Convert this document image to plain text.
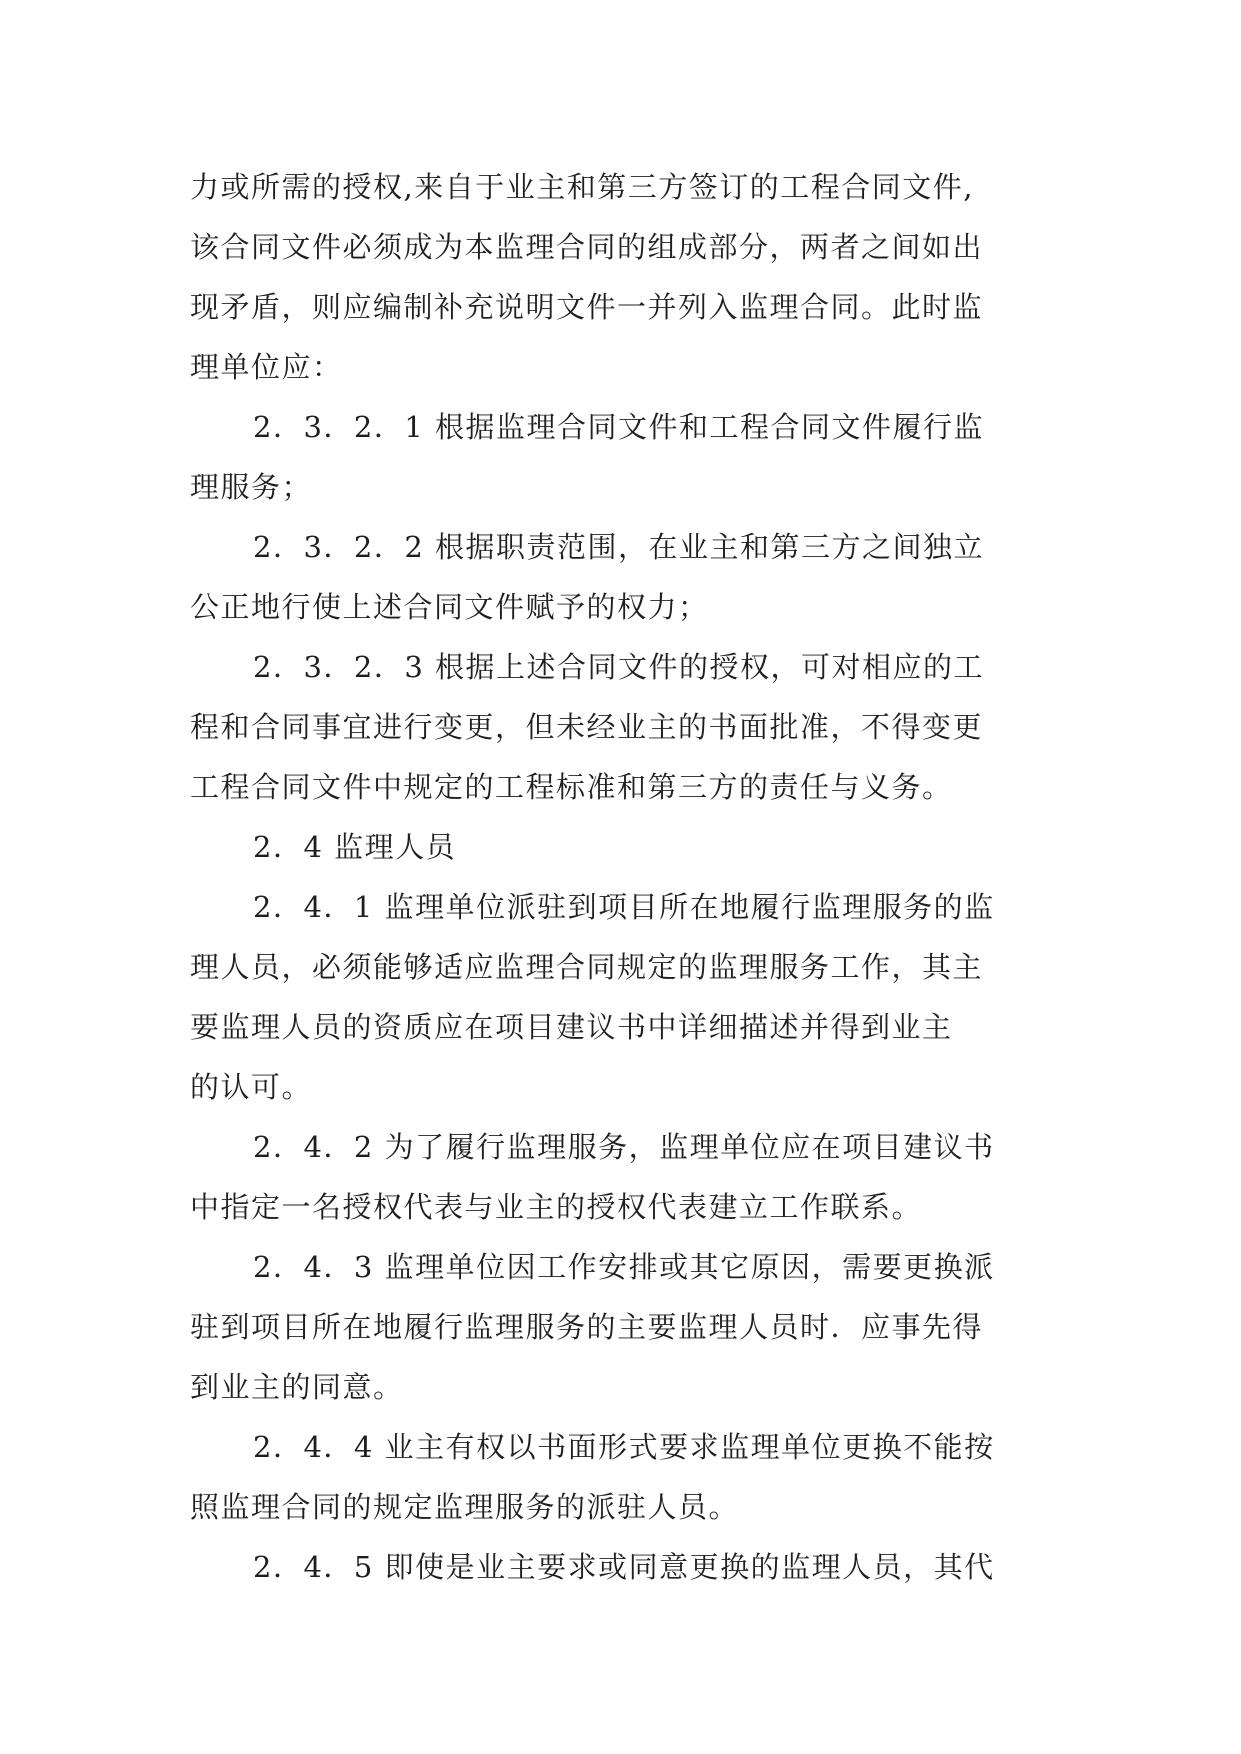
力或所需的授权,来自于业主和第三方签订的工程合同文件,

该合同文件必须成为本监理合同的组成部分，两者之间如出

现矛盾，则应编制补充说明文件一并列入监理合同。此时监

理单位应：

2．3．2．1 根据监理合同文件和工程合同文件履行监

理服务；

2．3．2．2 根据职责范围，在业主和第三方之间独立

公正地行使上述合同文件赋予的权力；

2．3．2．3 根据上述合同文件的授权，可对相应的工

程和合同事宜进行变更，但未经业主的书面批准，不得变更

工程合同文件中规定的工程标准和第三方的责任与义务。

2．4 监理人员

2．4．1 监理单位派驻到项目所在地履行监理服务的监

理人员，必须能够适应监理合同规定的监理服务工作，其主

要监理人员的资质应在项目建议书中详细描述并得到业主

的认可。

2．4．2 为了履行监理服务，监理单位应在项目建议书

中指定一名授权代表与业主的授权代表建立工作联系。

2．4．3 监理单位因工作安排或其它原因，需要更换派

驻到项目所在地履行监理服务的主要监理人员时．应事先得

到业主的同意。

2．4．4 业主有权以书面形式要求监理单位更换不能按

照监理合同的规定监理服务的派驻人员。

2．4．5 即使是业主要求或同意更换的监理人员，其代
